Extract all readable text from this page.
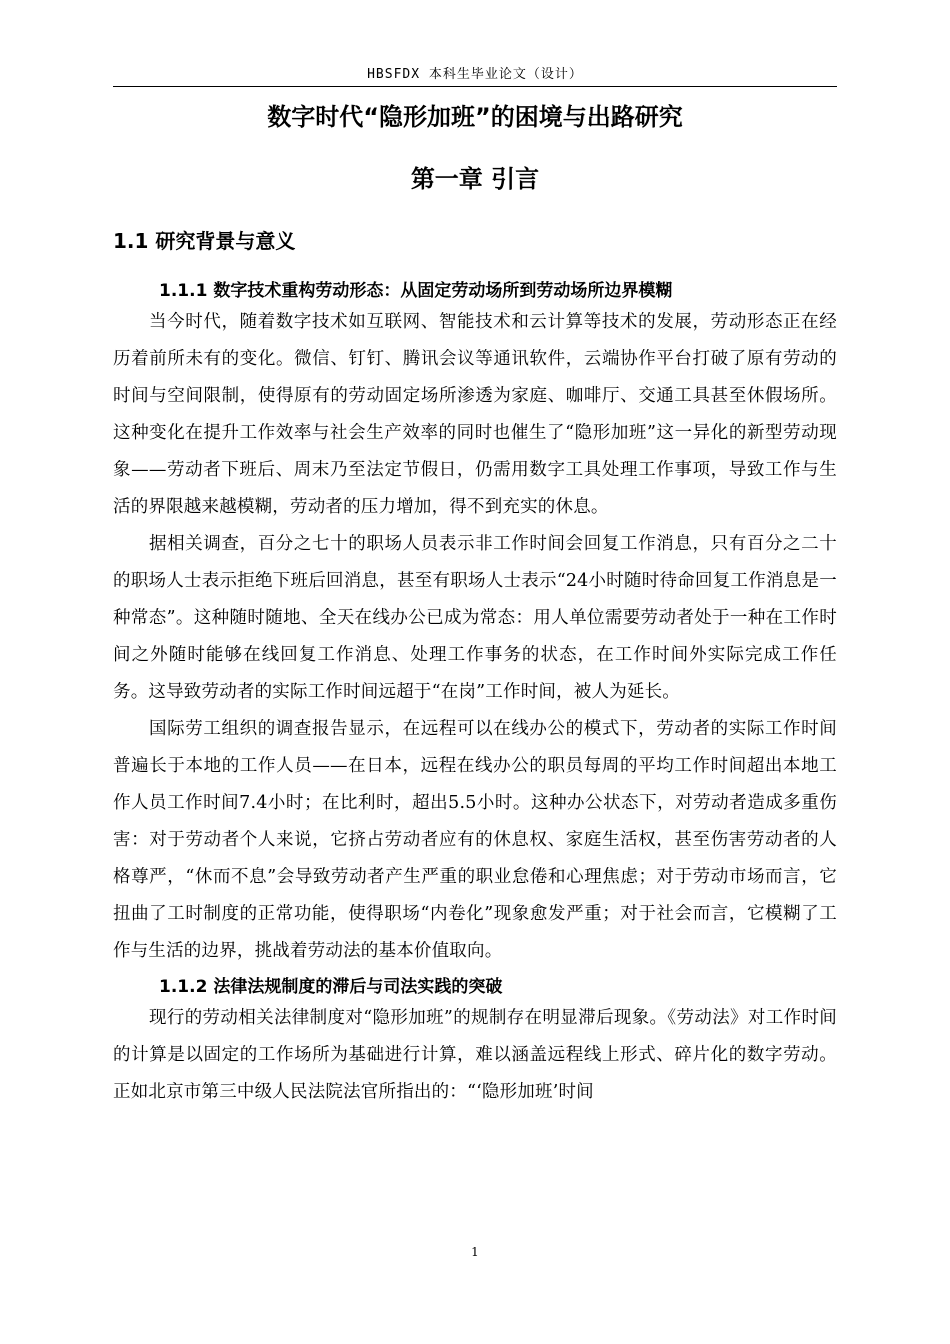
HBSFDX 本科生毕业论文（设计）
数字时代“隐形加班”的困境与出路研究
第一章 引言
1.1 研究背景与意义
1.1.1 数字技术重构劳动形态：从固定劳动场所到劳动场所边界模糊

当今时代，随着数字技术如互联网、智能技术和云计算等技术的发展，劳动形态正在经历着前所未有的变化。微信、钉钉、腾讯会议等通讯软件，云端协作平台打破了原有劳动的时间与空间限制，使得原有的劳动固定场所渗透为家庭、咖啡厅、交通工具甚至休假场所。这种变化在提升工作效率与社会生产效率的同时也催生了“隐形加班”这一异化的新型劳动现象——劳动者下班后、周末乃至法定节假日，仍需用数字工具处理工作事项，导致工作与生活的界限越来越模糊，劳动者的压力增加，得不到充实的休息。

据相关调查，百分之七十的职场人员表示非工作时间会回复工作消息，只有百分之二十的职场人士表示拒绝下班后回消息，甚至有职场人士表示“24小时随时待命回复工作消息是一种常态”。这种随时随地、全天在线办公已成为常态：用人单位需要劳动者处于一种在工作时间之外随时能够在线回复工作消息、处理工作事务的状态，在工作时间外实际完成工作任务。这导致劳动者的实际工作时间远超于“在岗”工作时间，被人为延长。

国际劳工组织的调查报告显示，在远程可以在线办公的模式下，劳动者的实际工作时间普遍长于本地的工作人员——在日本，远程在线办公的职员每周的平均工作时间超出本地工作人员工作时间7.4小时；在比利时，超出5.5小时。这种办公状态下，对劳动者造成多重伤害：对于劳动者个人来说，它挤占劳动者应有的休息权、家庭生活权，甚至伤害劳动者的人格尊严，“休而不息”会导致劳动者产生严重的职业怠倦和心理焦虑；对于劳动市场而言，它扭曲了工时制度的正常功能，使得职场“内卷化”现象愈发严重；对于社会而言，它模糊了工作与生活的边界，挑战着劳动法的基本价值取向。

1.1.2 法律法规制度的滞后与司法实践的突破

现行的劳动相关法律制度对“隐形加班”的规制存在明显滞后现象。《劳动法》对工作时间的计算是以固定的工作场所为基础进行计算，难以涵盖远程线上形式、碎片化的数字劳动。正如北京市第三中级人民法院法官所指出的：“‘隐形加班’时间

1
